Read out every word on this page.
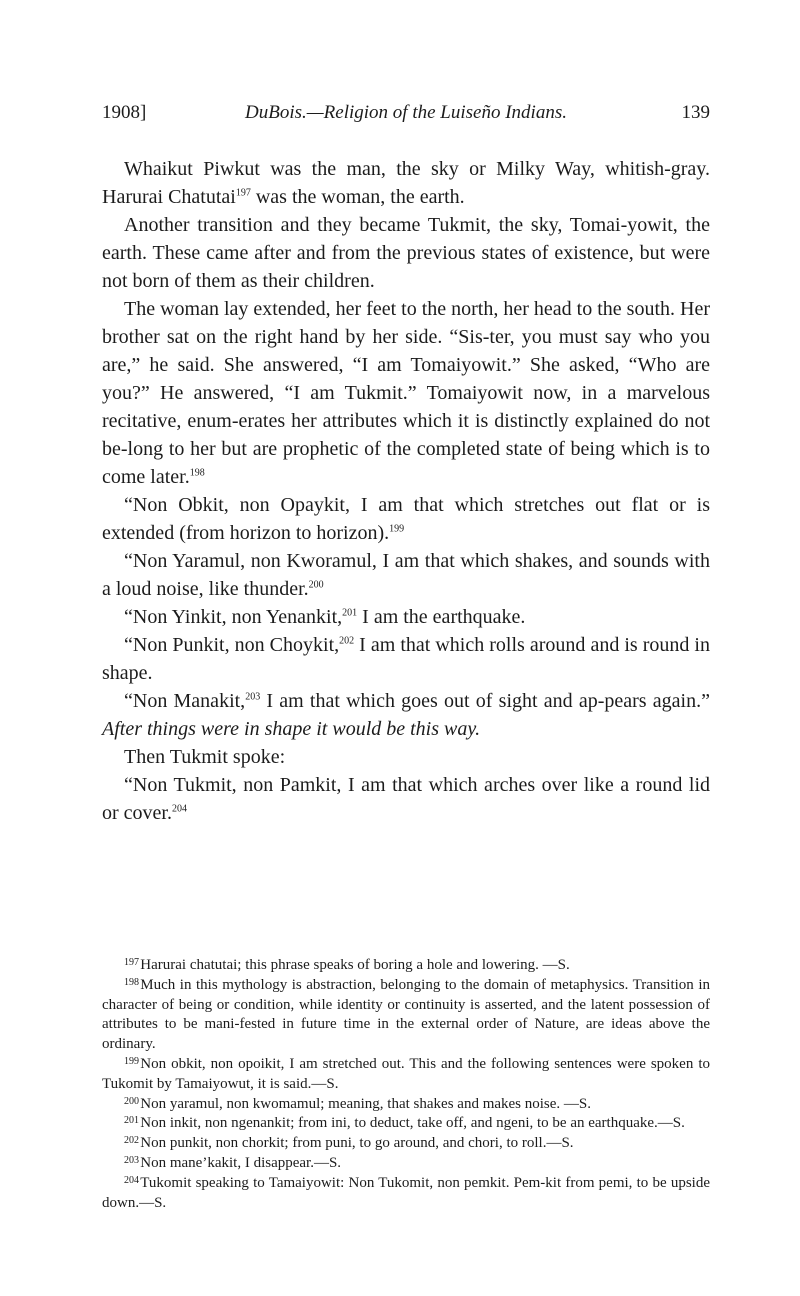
1908]	DuBois.—Religion of the Luiseño Indians.	139

Whaikut Piwkut was the man, the sky or Milky Way, whitish-gray. Harurai Chatutai$^{197}$ was the woman, the earth.

Another transition and they became Tukmit, the sky, Tomai-yowit, the earth. These came after and from the previous states of existence, but were not born of them as their children.

The woman lay extended, her feet to the north, her head to the south. Her brother sat on the right hand by her side. “Sis-ter, you must say who you are,” he said. She answered, “I am Tomaiyowit.” She asked, “Who are you?” He answered, “I am Tukmit.” Tomaiyowit now, in a marvelous recitative, enum-erates her attributes which it is distinctly explained do not be-long to her but are prophetic of the completed state of being which is to come later.$^{198}$

“Non Obkit, non Opaykit, I am that which stretches out flat or is extended (from horizon to horizon).$^{199}$

“Non Yaramul, non Kworamul, I am that which shakes, and sounds with a loud noise, like thunder.$^{200}$

“Non Yinkit, non Yenankit,$^{201}$ I am the earthquake.

“Non Punkit, non Choykit,$^{202}$ I am that which rolls around and is round in shape.

“Non Manakit,$^{203}$ I am that which goes out of sight and ap-pears again.” After things were in shape it would be this way.

Then Tukmit spoke:

“Non Tukmit, non Pamkit, I am that which arches over like a round lid or cover.$^{204}$

$^{197}$ Harurai chatutai; this phrase speaks of boring a hole and lowering. —S.

$^{198}$ Much in this mythology is abstraction, belonging to the domain of metaphysics. Transition in character of being or condition, while identity or continuity is asserted, and the latent possession of attributes to be mani-fested in future time in the external order of Nature, are ideas above the ordinary.

$^{199}$ Non obkit, non opoikit, I am stretched out. This and the following sentences were spoken to Tukomit by Tamaiyowut, it is said.—S.

$^{200}$ Non yaramul, non kwomamul; meaning, that shakes and makes noise. —S.

$^{201}$ Non inkit, non ngenankit; from ini, to deduct, take off, and ngeni, to be an earthquake.—S.

$^{202}$ Non punkit, non chorkit; from puni, to go around, and chori, to roll.—S.

$^{203}$ Non mane’kakit, I disappear.—S.

$^{204}$ Tukomit speaking to Tamaiyowit: Non Tukomit, non pemkit. Pem-kit from pemi, to be upside down.—S.
